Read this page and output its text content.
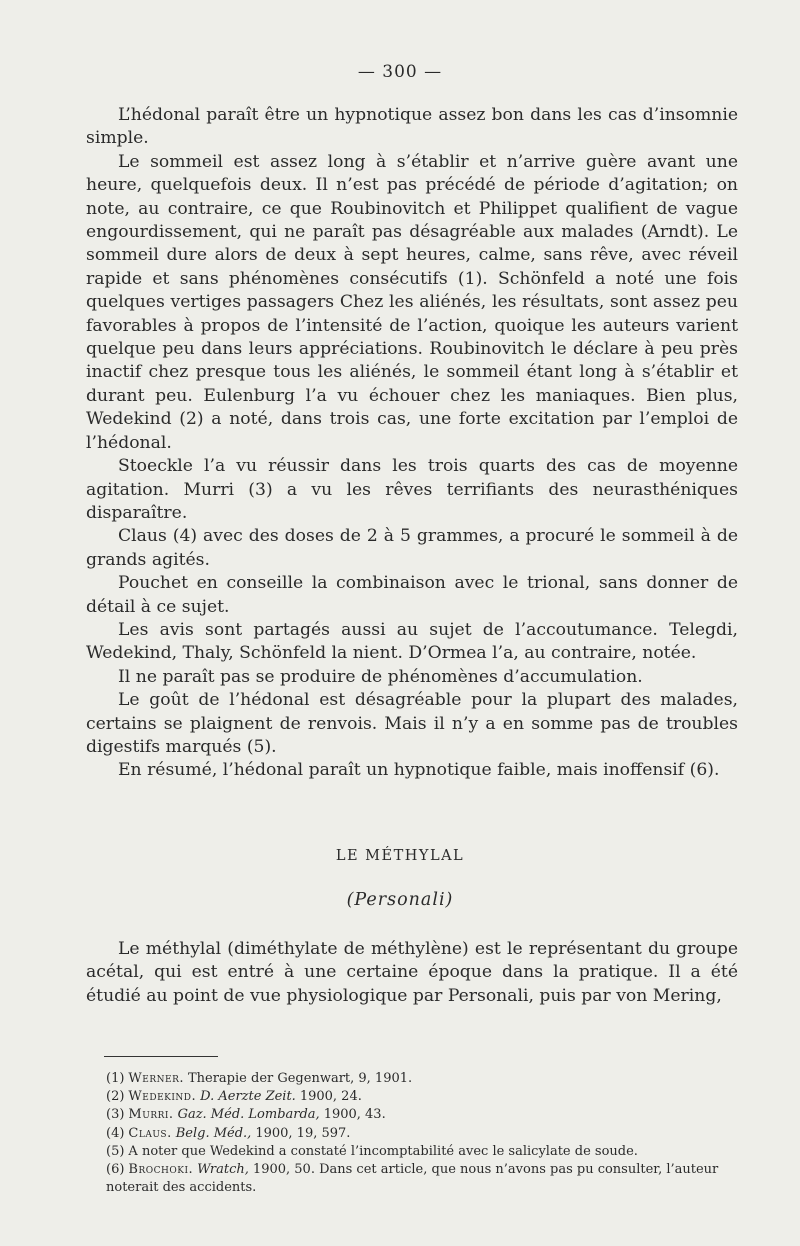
— 300 —

L’hédonal paraît être un hypnotique assez bon dans les cas d’insomnie simple.

Le sommeil est assez long à s’établir et n’arrive guère avant une heure, quelquefois deux. Il n’est pas précédé de période d’agitation; on note, au contraire, ce que Roubinovitch et Philippet qualifient de vague engourdissement, qui ne paraît pas désagréable aux malades (Arndt). Le sommeil dure alors de deux à sept heures, calme, sans rêve, avec réveil rapide et sans phénomènes consécutifs (1). Schönfeld a noté une fois quelques vertiges passagers Chez les aliénés, les résultats, sont assez peu favorables à propos de l’intensité de l’action, quoique les auteurs varient quelque peu dans leurs appréciations. Roubinovitch le déclare à peu près inactif chez presque tous les aliénés, le sommeil étant long à s’établir et durant peu. Eulenburg l’a vu échouer chez les maniaques. Bien plus, Wedekind (2) a noté, dans trois cas, une forte excitation par l’emploi de l’hédonal.

Stoeckle l’a vu réussir dans les trois quarts des cas de moyenne agitation. Murri (3) a vu les rêves terrifiants des neurasthéniques disparaître.

Claus (4) avec des doses de 2 à 5 grammes, a procuré le sommeil à de grands agités.

Pouchet en conseille la combinaison avec le trional, sans donner de détail à ce sujet.

Les avis sont partagés aussi au sujet de l’accoutumance. Telegdi, Wedekind, Thaly, Schönfeld la nient. D’Ormea l’a, au contraire, notée.

Il ne paraît pas se produire de phénomènes d’accumulation.

Le goût de l’hédonal est désagréable pour la plupart des malades, certains se plaignent de renvois. Mais il n’y a en somme pas de troubles digestifs marqués (5).

En résumé, l’hédonal paraît un hypnotique faible, mais inoffensif (6).

LE MÉTHYLAL
(Personali)

Le méthylal (diméthylate de méthylène) est le représentant du groupe acétal, qui est entré à une certaine époque dans la pratique. Il a été étudié au point de vue physiologique par Personali, puis par von Mering,

(1) Werner. Therapie der Gegenwart, 9, 1901.

(2) Wedekind. D. Aerzte Zeit. 1900, 24.

(3) Murri. Gaz. Méd. Lombarda, 1900, 43.

(4) Claus. Belg. Méd., 1900, 19, 597.

(5) A noter que Wedekind a constaté l’incomptabilité avec le salicylate de soude.

(6) Brochoki. Wratch, 1900, 50. Dans cet article, que nous n’avons pas pu consulter, l’auteur noterait des accidents.
